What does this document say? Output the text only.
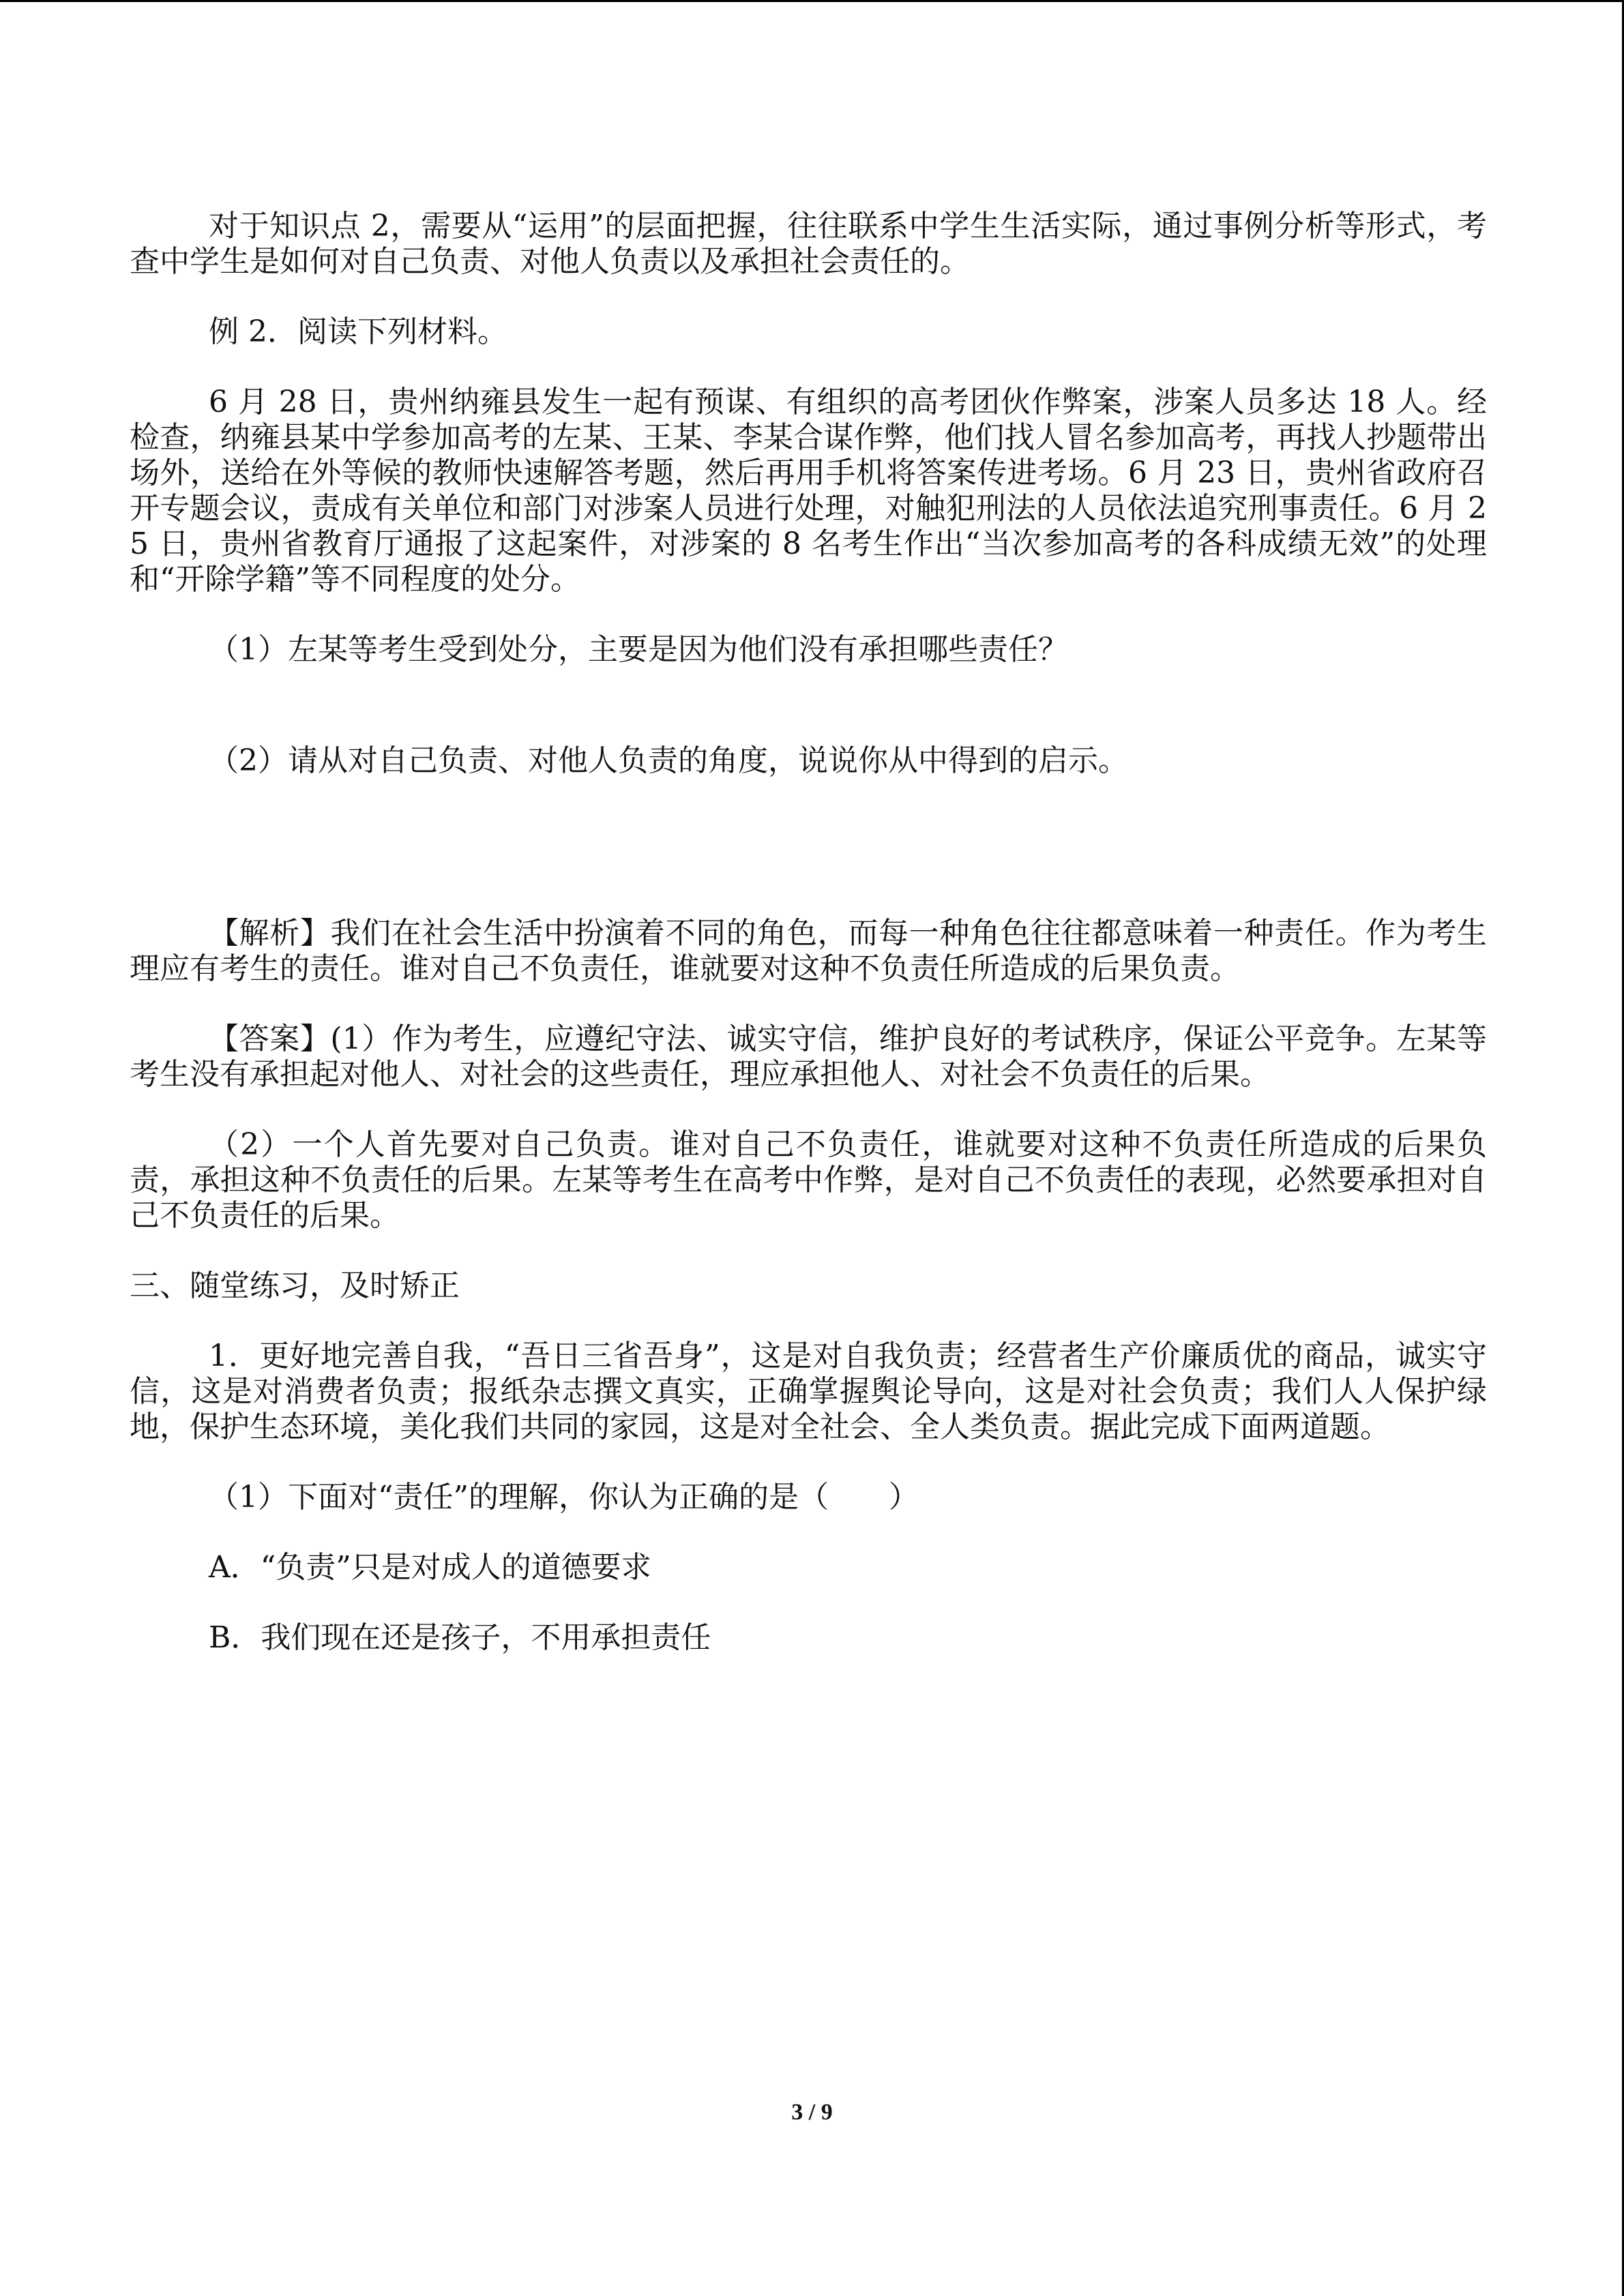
对于知识点 2，需要从“运用”的层面把握，往往联系中学生生活实际，通过事例分析等形式，考查中学生是如何对自己负责、对他人负责以及承担社会责任的。

例 2．阅读下列材料。

6 月 28 日，贵州纳雍县发生一起有预谋、有组织的高考团伙作弊案，涉案人员多达 18 人。经检查，纳雍县某中学参加高考的左某、王某、李某合谋作弊，他们找人冒名参加高考，再找人抄题带出场外，送给在外等候的教师快速解答考题，然后再用手机将答案传进考场。6 月 23 日，贵州省政府召开专题会议，责成有关单位和部门对涉案人员进行处理，对触犯刑法的人员依法追究刑事责任。6 月 25 日，贵州省教育厅通报了这起案件，对涉案的 8 名考生作出“当次参加高考的各科成绩无效”的处理和“开除学籍”等不同程度的处分。

（1）左某等考生受到处分，主要是因为他们没有承担哪些责任？

（2）请从对自己负责、对他人负责的角度，说说你从中得到的启示。

【解析】我们在社会生活中扮演着不同的角色，而每一种角色往往都意味着一种责任。作为考生理应有考生的责任。谁对自己不负责任，谁就要对这种不负责任所造成的后果负责。

【答案】(1）作为考生，应遵纪守法、诚实守信，维护良好的考试秩序，保证公平竞争。左某等考生没有承担起对他人、对社会的这些责任，理应承担他人、对社会不负责任的后果。

（2）一个人首先要对自己负责。谁对自己不负责任，谁就要对这种不负责任所造成的后果负责，承担这种不负责任的后果。左某等考生在高考中作弊，是对自己不负责任的表现，必然要承担对自己不负责任的后果。

三、随堂练习，及时矫正

1．更好地完善自我，“吾日三省吾身”，这是对自我负责；经营者生产价廉质优的商品，诚实守信，这是对消费者负责；报纸杂志撰文真实，正确掌握舆论导向，这是对社会负责；我们人人保护绿地，保护生态环境，美化我们共同的家园，这是对全社会、全人类负责。据此完成下面两道题。

（1）下面对“责任”的理解，你认为正确的是（　　）

A．“负责”只是对成人的道德要求

B．我们现在还是孩子，不用承担责任

3 / 9
